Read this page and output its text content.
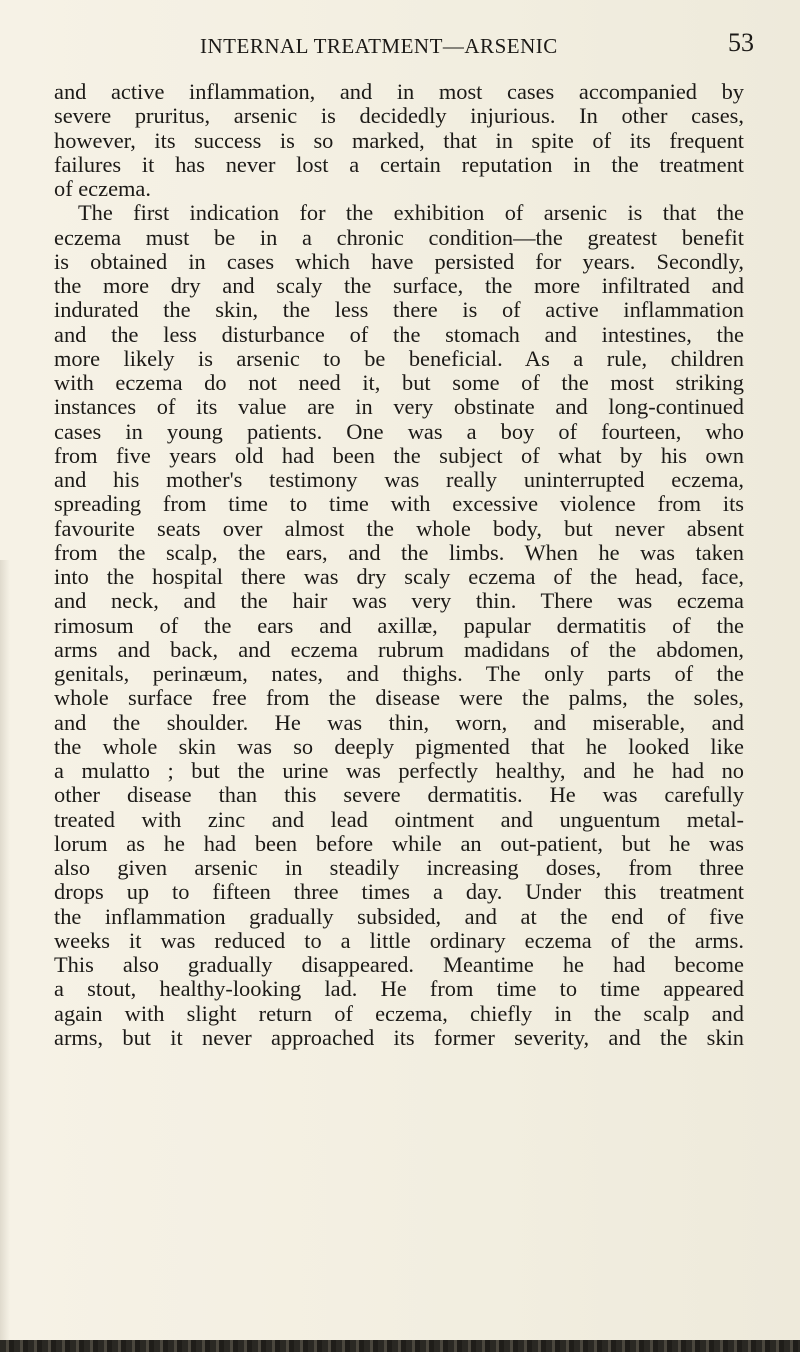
INTERNAL TREATMENT—ARSENIC	53
and active inflammation, and in most cases accompanied by
severe pruritus, arsenic is decidedly injurious. In other cases,
however, its success is so marked, that in spite of its frequent
failures it has never lost a certain reputation in the treatment
of eczema.
The first indication for the exhibition of arsenic is that the
eczema must be in a chronic condition—the greatest benefit
is obtained in cases which have persisted for years. Secondly,
the more dry and scaly the surface, the more infiltrated and
indurated the skin, the less there is of active inflammation
and the less disturbance of the stomach and intestines, the
more likely is arsenic to be beneficial. As a rule, children
with eczema do not need it, but some of the most striking
instances of its value are in very obstinate and long-continued
cases in young patients. One was a boy of fourteen, who
from five years old had been the subject of what by his own
and his mother's testimony was really uninterrupted eczema,
spreading from time to time with excessive violence from its
favourite seats over almost the whole body, but never absent
from the scalp, the ears, and the limbs. When he was taken
into the hospital there was dry scaly eczema of the head, face,
and neck, and the hair was very thin. There was eczema
rimosum of the ears and axillæ, papular dermatitis of the
arms and back, and eczema rubrum madidans of the abdomen,
genitals, perinæum, nates, and thighs. The only parts of the
whole surface free from the disease were the palms, the soles,
and the shoulder. He was thin, worn, and miserable, and
the whole skin was so deeply pigmented that he looked like
a mulatto ; but the urine was perfectly healthy, and he had no
other disease than this severe dermatitis. He was carefully
treated with zinc and lead ointment and unguentum metal-
lorum as he had been before while an out-patient, but he was
also given arsenic in steadily increasing doses, from three
drops up to fifteen three times a day. Under this treatment
the inflammation gradually subsided, and at the end of five
weeks it was reduced to a little ordinary eczema of the arms.
This also gradually disappeared. Meantime he had become
a stout, healthy-looking lad. He from time to time appeared
again with slight return of eczema, chiefly in the scalp and
arms, but it never approached its former severity, and the skin
